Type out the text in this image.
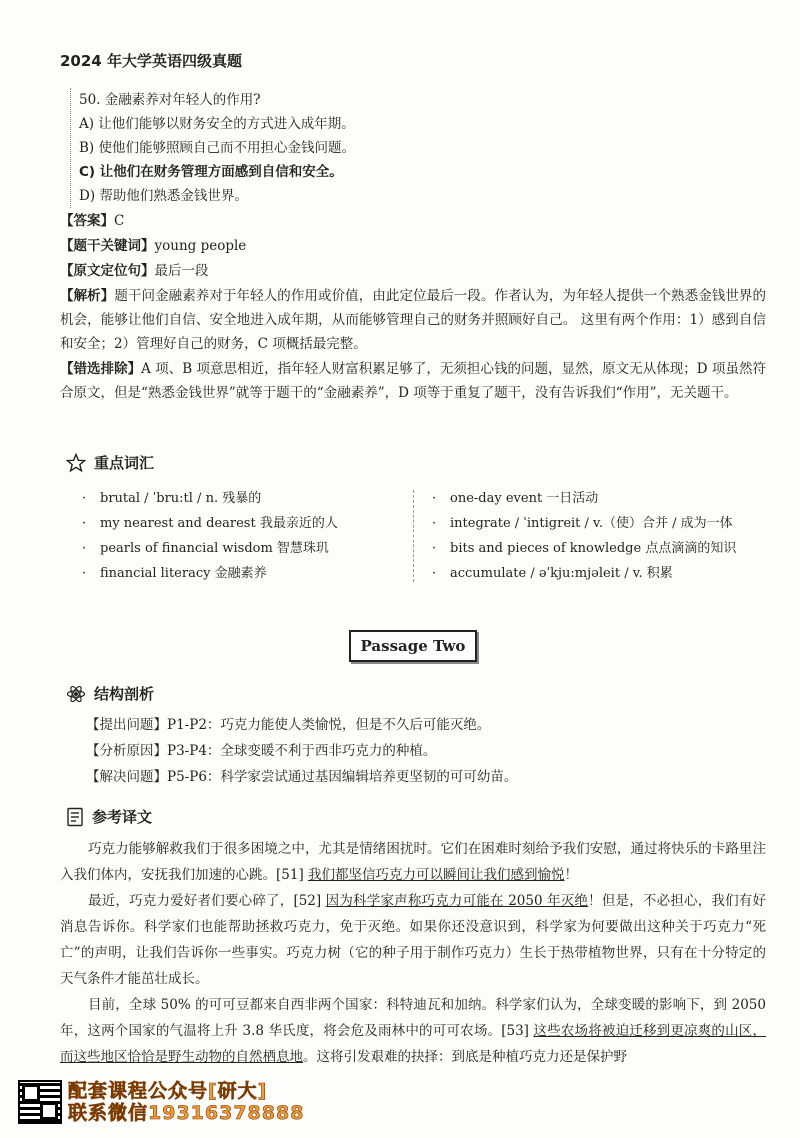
2024 年大学英语四级真题
50. 金融素养对年轻人的作用?
A) 让他们能够以财务安全的方式进入成年期。
B) 使他们能够照顾自己而不用担心金钱问题。
C) 让他们在财务管理方面感到自信和安全。
D) 帮助他们熟悉金钱世界。
【答案】C
【题干关键词】young people
【原文定位句】最后一段
【解析】题干问金融素养对于年轻人的作用或价值，由此定位最后一段。作者认为，为年轻人提供一个熟悉金钱世界的机会，能够让他们自信、安全地进入成年期，从而能够管理自己的财务并照顾好自己。 这里有两个作用：1）感到自信和安全；2）管理好自己的财务，C 项概括最完整。
【错选排除】A 项、B 项意思相近，指年轻人财富积累足够了，无须担心钱的问题，显然，原文无从体现；D 项虽然符合原文，但是“熟悉金钱世界”就等于题干的“金融素养”，D 项等于重复了题干，没有告诉我们“作用”，无关题干。
重点词汇
· brutal / ˈbru:tl / n. 残暴的
· my nearest and dearest 我最亲近的人
· pearls of financial wisdom 智慧珠玑
· financial literacy 金融素养
· one-day event 一日活动
· integrate / ˈintigreit / v.（使）合并 / 成为一体
· bits and pieces of knowledge 点点滴滴的知识
· accumulate / əˈkju:mjəleit / v. 积累
Passage Two
结构剖析
【提出问题】P1-P2：巧克力能使人类愉悦，但是不久后可能灭绝。
【分析原因】P3-P4：全球变暖不利于西非巧克力的种植。
【解决问题】P5-P6：科学家尝试通过基因编辑培养更坚韧的可可幼苗。
参考译文
巧克力能够解救我们于很多困境之中，尤其是情绪困扰时。它们在困难时刻给予我们安慰，通过将快乐的卡路里注入我们体内，安抚我们加速的心跳。[51] 我们都坚信巧克力可以瞬间让我们感到愉悦！
最近，巧克力爱好者们要心碎了，[52] 因为科学家声称巧克力可能在 2050 年灭绝！但是，不必担心，我们有好消息告诉你。科学家们也能帮助拯救巧克力，免于灭绝。如果你还没意识到，科学家为何要做出这种关于巧克力“死亡”的声明，让我们告诉你一些事实。巧克力树（它的种子用于制作巧克力）生长于热带植物世界，只有在十分特定的天气条件才能茁壮成长。
目前，全球 50% 的可可豆都来自西非两个国家：科特迪瓦和加纳。科学家们认为，全球变暖的影响下，到 2050 年，这两个国家的气温将上升 3.8 华氏度，将会危及雨林中的可可农场。[53] 这些农场将被迫迁移到更凉爽的山区，而这些地区恰恰是野生动物的自然栖息地。这将引发艰难的抉择：到底是种植巧克力还是保护野
配套课程公众号[研大]
联系微信19316378888
